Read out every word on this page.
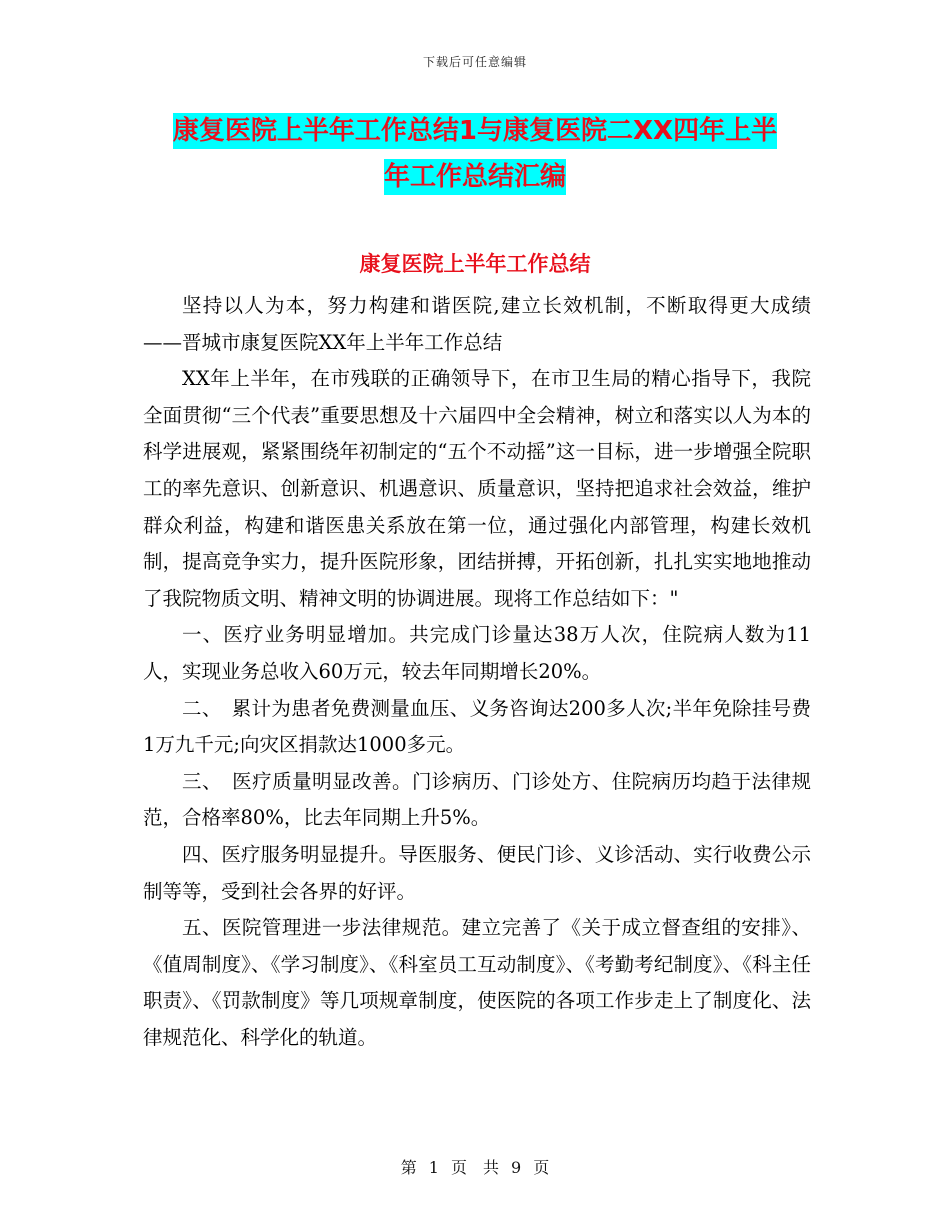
下载后可任意编辑
康复医院上半年工作总结1与康复医院二XX四年上半
年工作总结汇编
康复医院上半年工作总结

坚持以人为本，努力构建和谐医院,建立长效机制，不断取得更大成绩——晋城市康复医院XX年上半年工作总结

XX年上半年，在市残联的正确领导下，在市卫生局的精心指导下，我院全面贯彻“三个代表”重要思想及十六届四中全会精神，树立和落实以人为本的科学进展观，紧紧围绕年初制定的“五个不动摇”这一目标，进一步增强全院职工的率先意识、创新意识、机遇意识、质量意识，坚持把追求社会效益，维护群众利益，构建和谐医患关系放在第一位，通过强化内部管理，构建长效机制，提高竞争实力，提升医院形象，团结拼搏，开拓创新，扎扎实实地地推动了我院物质文明、精神文明的协调进展。现将工作总结如下："

一、医疗业务明显增加。共完成门诊量达38万人次，住院病人数为11人，实现业务总收入60万元，较去年同期增长20%。

二、　累计为患者免费测量血压、义务咨询达200多人次;半年免除挂号费1万九千元;向灾区捐款达1000多元。

三、　医疗质量明显改善。门诊病历、门诊处方、住院病历均趋于法律规范，合格率80%，比去年同期上升5%。

四、医疗服务明显提升。导医服务、便民门诊、义诊活动、实行收费公示制等等，受到社会各界的好评。

五、医院管理进一步法律规范。建立完善了《关于成立督查组的安排》、《值周制度》、《学习制度》、《科室员工互动制度》、《考勤考纪制度》、《科主任职责》、《罚款制度》等几项规章制度，使医院的各项工作步走上了制度化、法律规范化、科学化的轨道。

第 1 页　共 9 页
